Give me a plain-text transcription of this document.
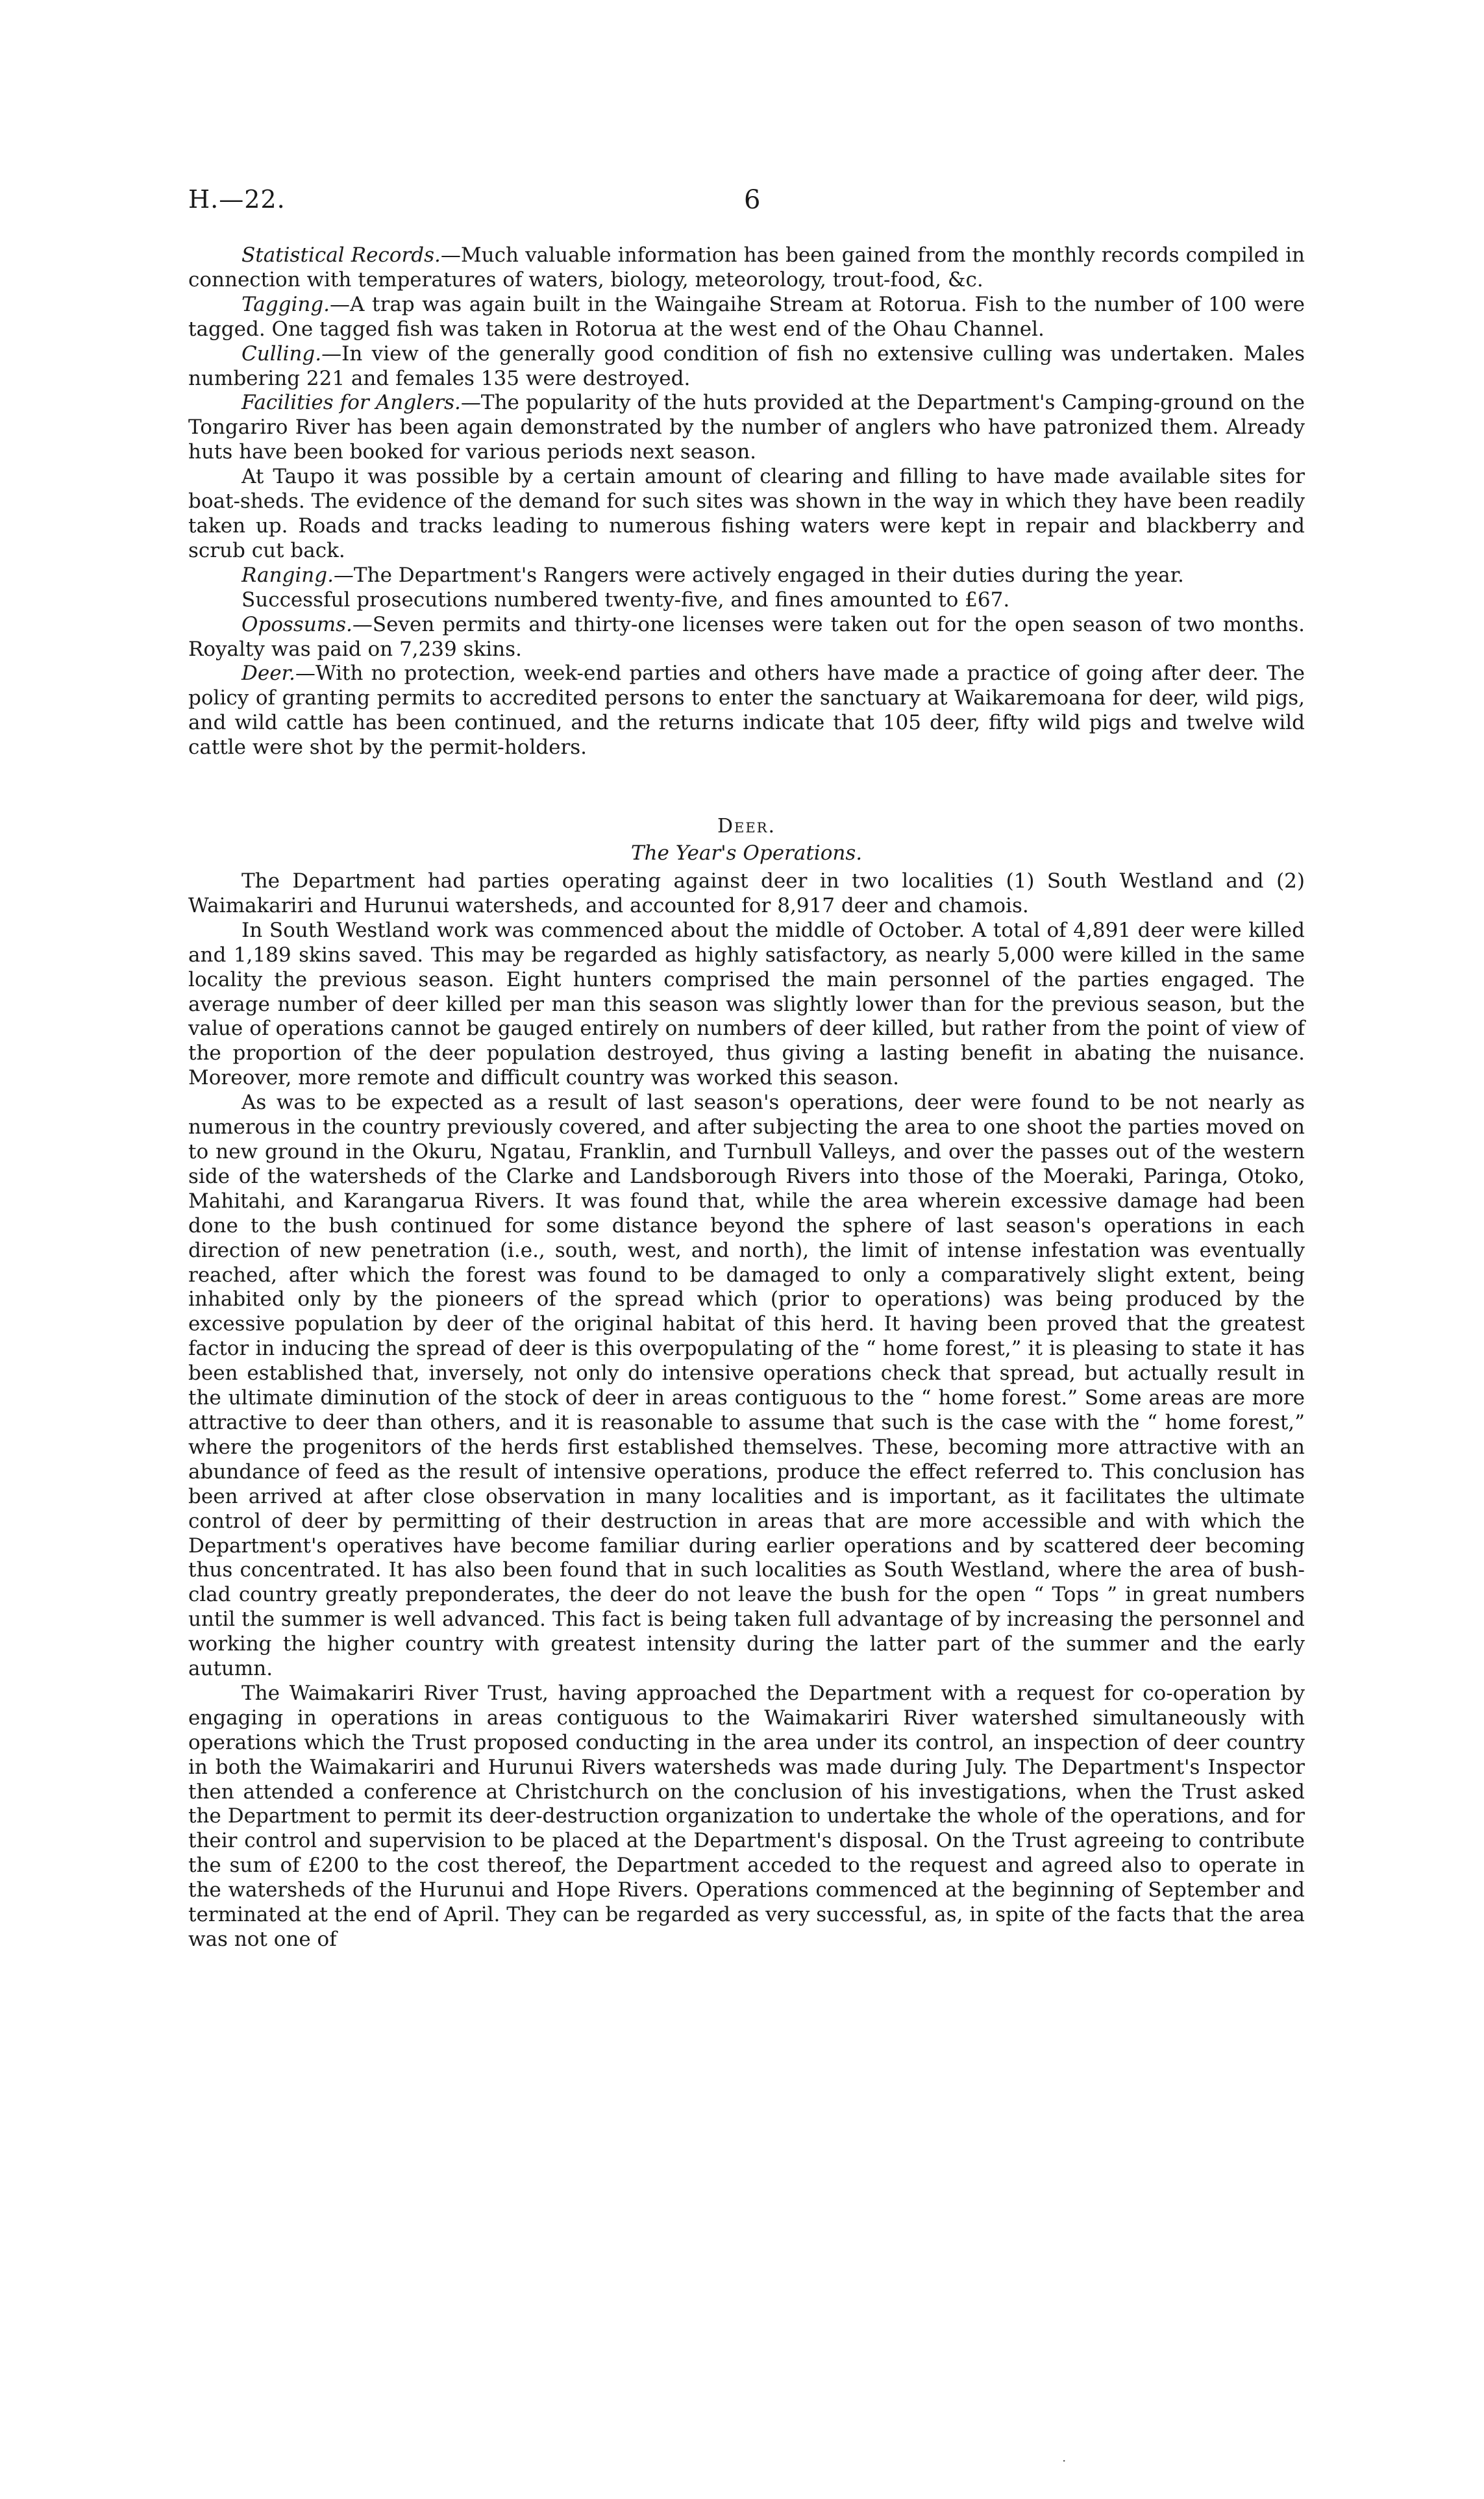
H.—22.	6

Statistical Records.—Much valuable information has been gained from the monthly records compiled in connection with temperatures of waters, biology, meteorology, trout-food, &c.

Tagging.—A trap was again built in the Waingaihe Stream at Rotorua. Fish to the number of 100 were tagged. One tagged fish was taken in Rotorua at the west end of the Ohau Channel.

Culling.—In view of the generally good condition of fish no extensive culling was undertaken. Males numbering 221 and females 135 were destroyed.

Facilities for Anglers.—The popularity of the huts provided at the Department's Camping-ground on the Tongariro River has been again demonstrated by the number of anglers who have patronized them. Already huts have been booked for various periods next season.

At Taupo it was possible by a certain amount of clearing and filling to have made available sites for boat-sheds. The evidence of the demand for such sites was shown in the way in which they have been readily taken up. Roads and tracks leading to numerous fishing waters were kept in repair and blackberry and scrub cut back.

Ranging.—The Department's Rangers were actively engaged in their duties during the year.

Successful prosecutions numbered twenty-five, and fines amounted to £67.

Opossums.—Seven permits and thirty-one licenses were taken out for the open season of two months. Royalty was paid on 7,239 skins.

Deer.—With no protection, week-end parties and others have made a practice of going after deer. The policy of granting permits to accredited persons to enter the sanctuary at Waikaremoana for deer, wild pigs, and wild cattle has been continued, and the returns indicate that 105 deer, fifty wild pigs and twelve wild cattle were shot by the permit-holders.

Deer.
The Year's Operations.

The Department had parties operating against deer in two localities (1) South Westland and (2) Waimakariri and Hurunui watersheds, and accounted for 8,917 deer and chamois.

In South Westland work was commenced about the middle of October. A total of 4,891 deer were killed and 1,189 skins saved. This may be regarded as highly satisfactory, as nearly 5,000 were killed in the same locality the previous season. Eight hunters comprised the main personnel of the parties engaged. The average number of deer killed per man this season was slightly lower than for the previous season, but the value of operations cannot be gauged entirely on numbers of deer killed, but rather from the point of view of the proportion of the deer population destroyed, thus giving a lasting benefit in abating the nuisance. Moreover, more remote and difficult country was worked this season.

As was to be expected as a result of last season's operations, deer were found to be not nearly as numerous in the country previously covered, and after subjecting the area to one shoot the parties moved on to new ground in the Okuru, Ngatau, Franklin, and Turnbull Valleys, and over the passes out of the western side of the watersheds of the Clarke and Landsborough Rivers into those of the Moeraki, Paringa, Otoko, Mahitahi, and Karangarua Rivers. It was found that, while the area wherein excessive damage had been done to the bush continued for some distance beyond the sphere of last season's operations in each direction of new penetration (i.e., south, west, and north), the limit of intense infestation was eventually reached, after which the forest was found to be damaged to only a comparatively slight extent, being inhabited only by the pioneers of the spread which (prior to operations) was being produced by the excessive population by deer of the original habitat of this herd. It having been proved that the greatest factor in inducing the spread of deer is this overpopulating of the “ home forest,” it is pleasing to state it has been established that, inversely, not only do intensive operations check that spread, but actually result in the ultimate diminution of the stock of deer in areas contiguous to the “ home forest.” Some areas are more attractive to deer than others, and it is reasonable to assume that such is the case with the “ home forest,” where the progenitors of the herds first established themselves. These, becoming more attractive with an abundance of feed as the result of intensive operations, produce the effect referred to. This conclusion has been arrived at after close observation in many localities and is important, as it facilitates the ultimate control of deer by permitting of their destruction in areas that are more accessible and with which the Department's operatives have become familiar during earlier operations and by scattered deer becoming thus concentrated. It has also been found that in such localities as South Westland, where the area of bush-clad country greatly preponderates, the deer do not leave the bush for the open “ Tops ” in great numbers until the summer is well advanced. This fact is being taken full advantage of by increasing the personnel and working the higher country with greatest intensity during the latter part of the summer and the early autumn.

The Waimakariri River Trust, having approached the Department with a request for co-operation by engaging in operations in areas contiguous to the Waimakariri River watershed simultaneously with operations which the Trust proposed conducting in the area under its control, an inspection of deer country in both the Waimakariri and Hurunui Rivers watersheds was made during July. The Department's Inspector then attended a conference at Christchurch on the conclusion of his investigations, when the Trust asked the Department to permit its deer-destruction organization to undertake the whole of the operations, and for their control and supervision to be placed at the Department's disposal. On the Trust agreeing to contribute the sum of £200 to the cost thereof, the Department acceded to the request and agreed also to operate in the watersheds of the Hurunui and Hope Rivers. Operations commenced at the beginning of September and terminated at the end of April. They can be regarded as very successful, as, in spite of the facts that the area was not one of

·
